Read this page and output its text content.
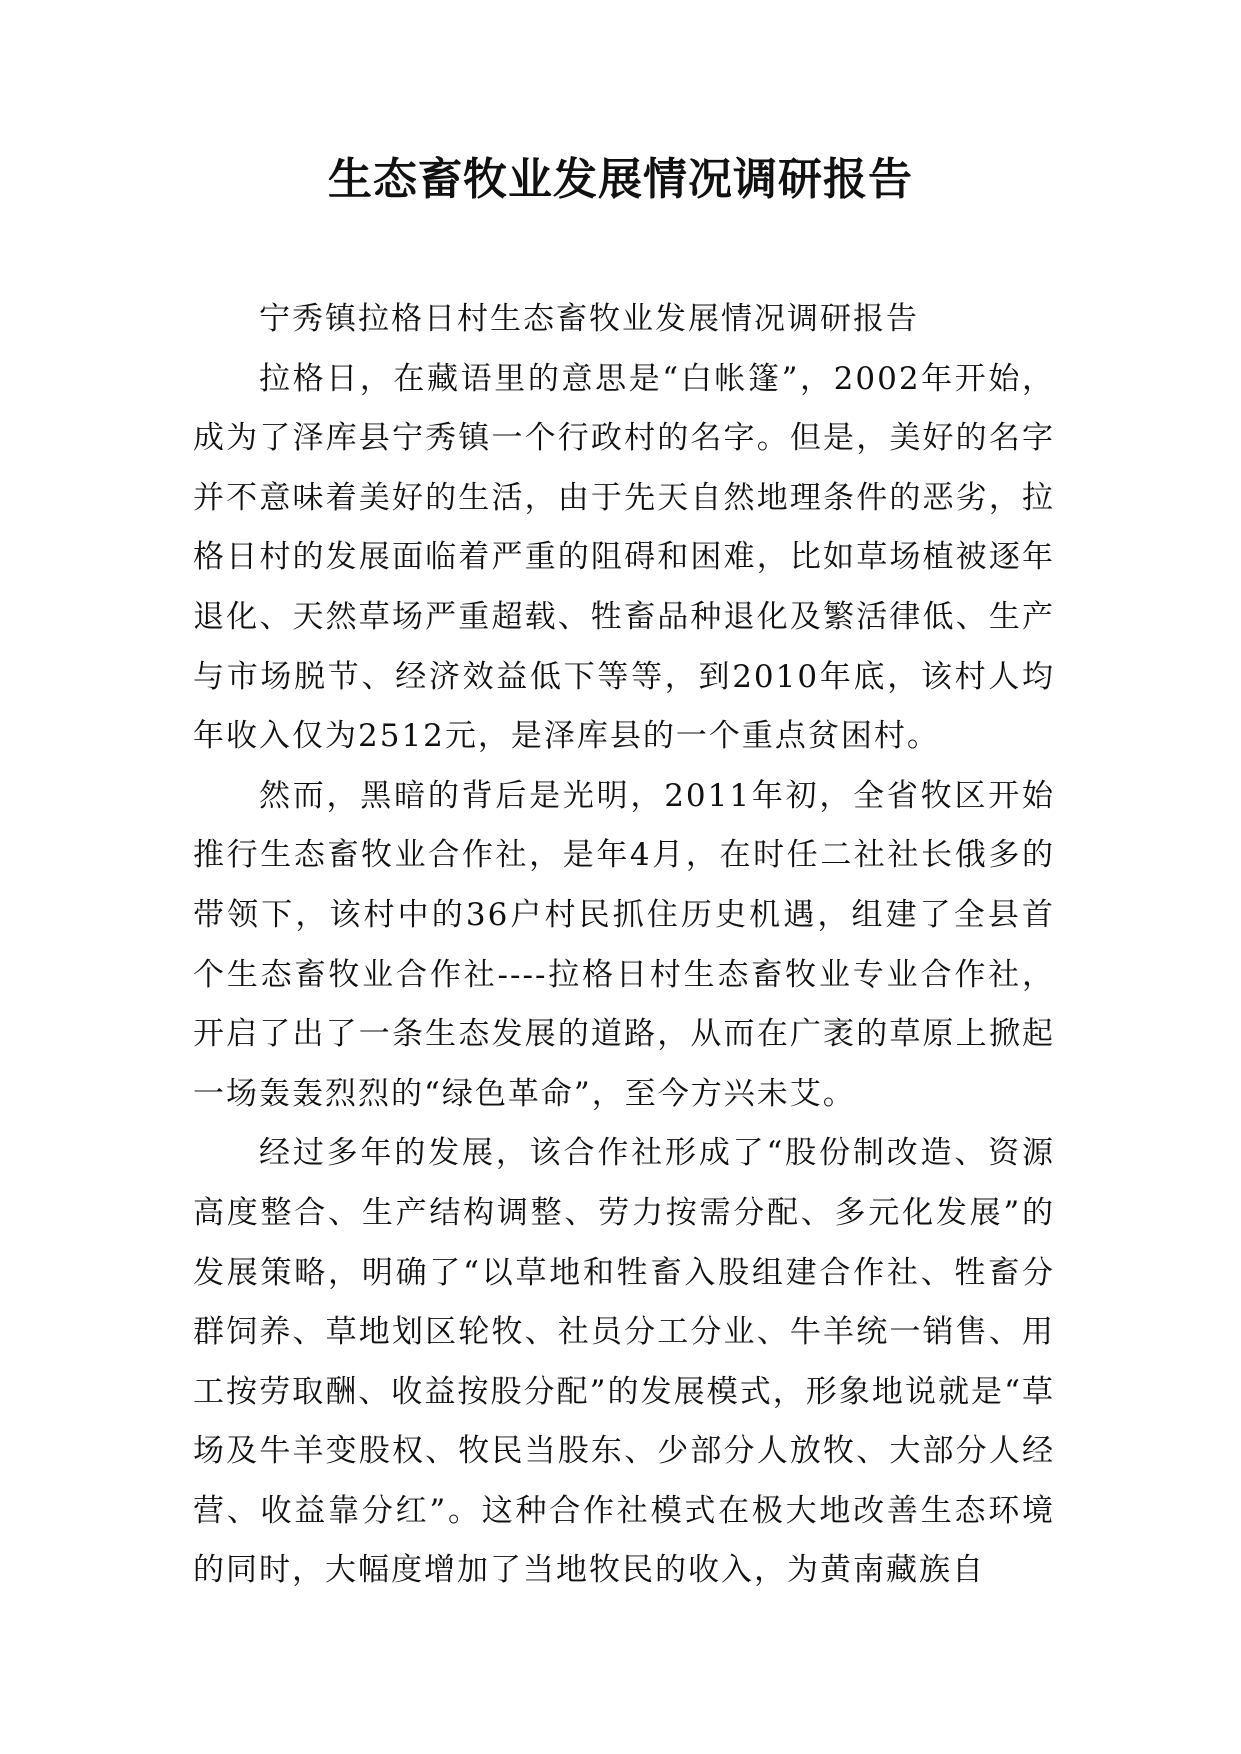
生态畜牧业发展情况调研报告

宁秀镇拉格日村生态畜牧业发展情况调研报告

拉格日，在藏语里的意思是“白帐篷”，2002年开始，成为了泽库县宁秀镇一个行政村的名字。但是，美好的名字并不意味着美好的生活，由于先天自然地理条件的恶劣，拉格日村的发展面临着严重的阻碍和困难，比如草场植被逐年退化、天然草场严重超载、牲畜品种退化及繁活律低、生产与市场脱节、经济效益低下等等，到2010年底，该村人均年收入仅为2512元，是泽库县的一个重点贫困村。

然而，黑暗的背后是光明，2011年初，全省牧区开始推行生态畜牧业合作社，是年4月，在时任二社社长俄多的带领下，该村中的36户村民抓住历史机遇，组建了全县首个生态畜牧业合作社----拉格日村生态畜牧业专业合作社，开启了出了一条生态发展的道路，从而在广袤的草原上掀起一场轰轰烈烈的“绿色革命”，至今方兴未艾。

经过多年的发展，该合作社形成了“股份制改造、资源高度整合、生产结构调整、劳力按需分配、多元化发展”的发展策略，明确了“以草地和牲畜入股组建合作社、牲畜分群饲养、草地划区轮牧、社员分工分业、牛羊统一销售、用工按劳取酬、收益按股分配”的发展模式，形象地说就是“草场及牛羊变股权、牧民当股东、少部分人放牧、大部分人经营、收益靠分红”。这种合作社模式在极大地改善生态环境的同时，大幅度增加了当地牧民的收入，为黄南藏族自
